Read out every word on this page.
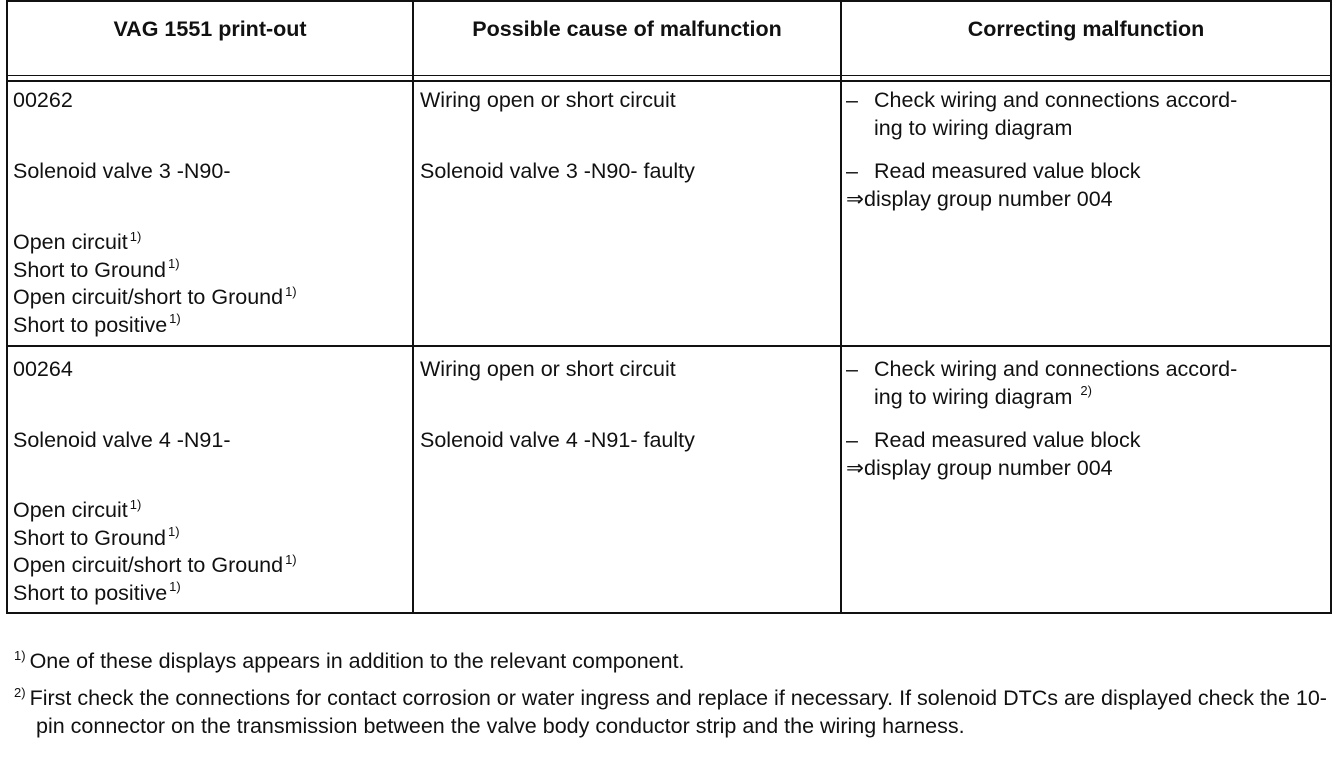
VAG 1551 print-out	Possible cause of malfunction	Correcting malfunction
00262
Solenoid valve 3 -N90-
Open circuit $^{1)}$
Short to Ground $^{1)}$
Open circuit/short to Ground $^{1)}$
Short to positive $^{1)}$
Wiring open or short circuit
Solenoid valve 3 -N90- faulty
– Check wiring and connections accord-
ing to wiring diagram
– Read measured value block
⇒display group number 004
00264
Solenoid valve 4 -N91-
Open circuit $^{1)}$
Short to Ground $^{1)}$
Open circuit/short to Ground $^{1)}$
Short to positive $^{1)}$
Wiring open or short circuit
Solenoid valve 4 -N91- faulty
– Check wiring and connections accord-
ing to wiring diagram $^{2)}$
– Read measured value block
⇒display group number 004
$^{1)}$ One of these displays appears in addition to the relevant component.
$^{2)}$ First check the connections for contact corrosion or water ingress and replace if necessary. If solenoid DTCs are displayed check the 10-pin connector on the transmission between the valve body conductor strip and the wiring harness.
